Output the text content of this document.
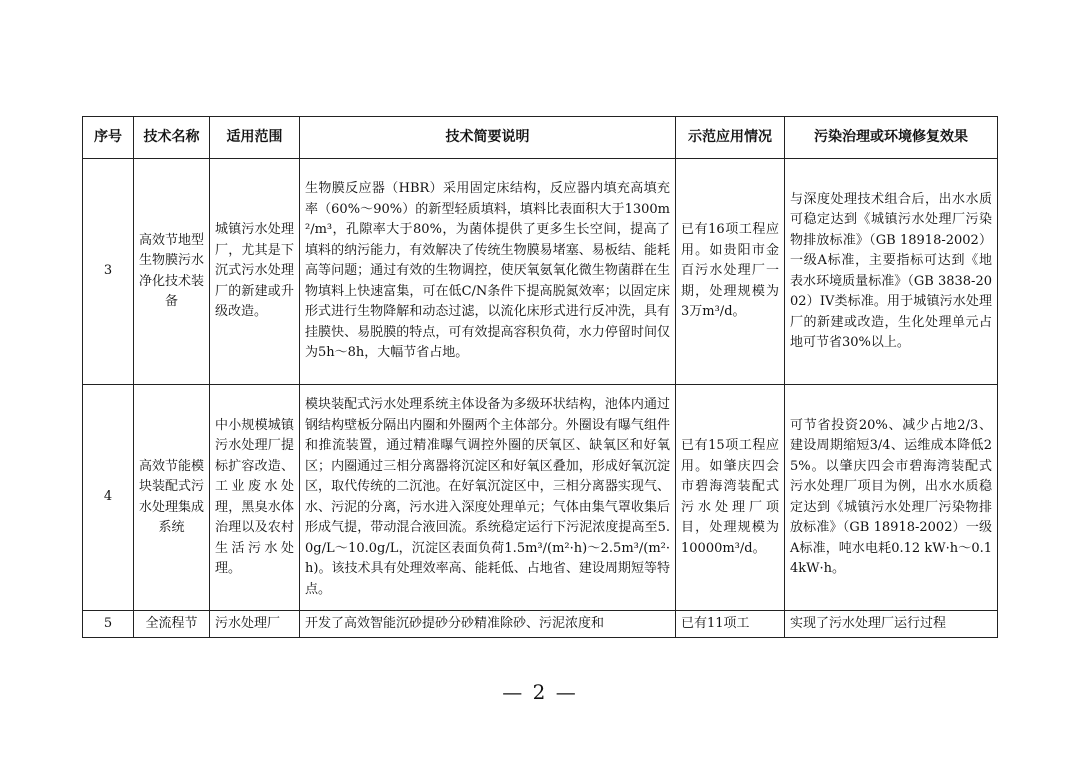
序号	技术名称	适用范围	技术简要说明	示范应用情况	污染治理或环境修复效果
3	高效节地型生物膜污水净化技术装备	城镇污水处理厂，尤其是下沉式污水处理厂的新建或升级改造。	生物膜反应器（HBR）采用固定床结构，反应器内填充高填充率（60%～90%）的新型轻质填料，填料比表面积大于1300m²/m³，孔隙率大于80%，为菌体提供了更多生长空间，提高了填料的纳污能力，有效解决了传统生物膜易堵塞、易板结、能耗高等问题；通过有效的生物调控，使厌氧氨氧化微生物菌群在生物填料上快速富集，可在低C/N条件下提高脱氮效率；以固定床形式进行生物降解和动态过滤，以流化床形式进行反冲洗，具有挂膜快、易脱膜的特点，可有效提高容积负荷，水力停留时间仅为5h～8h，大幅节省占地。	已有16项工程应用。如贵阳市金百污水处理厂一期，处理规模为3万m³/d。	与深度处理技术组合后，出水水质可稳定达到《城镇污水处理厂污染物排放标准》（GB 18918-2002）一级A标准，主要指标可达到《地表水环境质量标准》（GB 3838-2002）IV类标准。用于城镇污水处理厂的新建或改造，生化处理单元占地可节省30%以上。
4	高效节能模块装配式污水处理集成系统	中小规模城镇污水处理厂提标扩容改造、工业废水处理，黑臭水体治理以及农村生活污水处理。	模块装配式污水处理系统主体设备为多级环状结构，池体内通过钢结构壁板分隔出内圈和外圈两个主体部分。外圈设有曝气组件和推流装置，通过精准曝气调控外圈的厌氧区、缺氧区和好氧区；内圈通过三相分离器将沉淀区和好氧区叠加，形成好氧沉淀区，取代传统的二沉池。在好氧沉淀区中，三相分离器实现气、水、污泥的分离，污水进入深度处理单元；气体由集气罩收集后形成气提，带动混合液回流。系统稳定运行下污泥浓度提高至5.0g/L～10.0g/L，沉淀区表面负荷1.5m³/(m²·h)～2.5m³/(m²·h)。该技术具有处理效率高、能耗低、占地省、建设周期短等特点。	已有15项工程应用。如肇庆四会市碧海湾装配式污水处理厂项目，处理规模为10000m³/d。	可节省投资20%、减少占地2/3、建设周期缩短3/4、运维成本降低25%。以肇庆四会市碧海湾装配式污水处理厂项目为例，出水水质稳定达到《城镇污水处理厂污染物排放标准》（GB 18918-2002）一级A标准，吨水电耗0.12 kW·h～0.14kW·h。
5	全流程节	污水处理厂	开发了高效智能沉砂提砂分砂精准除砂、污泥浓度和	已有11项工	实现了污水处理厂运行过程
— 2 —
